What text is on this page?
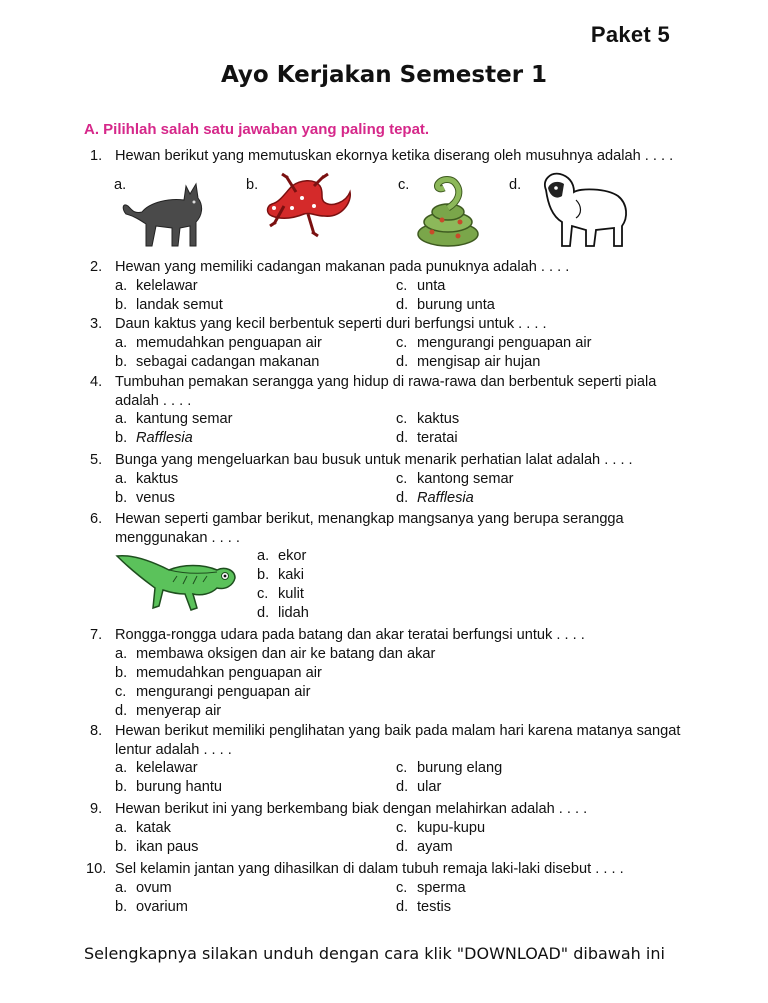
Paket 5
Ayo Kerjakan Semester 1
A. Pilihlah salah satu jawaban yang paling tepat.
1. Hewan berikut yang memutuskan ekornya ketika diserang oleh musuhnya adalah . . . .
a.	b.	c.	d.
2. Hewan yang memiliki cadangan makanan pada punuknya adalah . . . .
a. kelelawar
b. landak semut
c. unta
d. burung unta
3. Daun kaktus yang kecil berbentuk seperti duri berfungsi untuk . . . .
a. memudahkan penguapan air
b. sebagai cadangan makanan
c. mengurangi penguapan air
d. mengisap air hujan
4. Tumbuhan pemakan serangga yang hidup di rawa-rawa dan berbentuk seperti piala
adalah . . . .
a. kantung semar
b. Rafflesia
c. kaktus
d. teratai
5. Bunga yang mengeluarkan bau busuk untuk menarik perhatian lalat adalah . . . .
a. kaktus
b. venus
c. kantong semar
d. Rafflesia
6. Hewan seperti gambar berikut, menangkap mangsanya yang berupa serangga
menggunakan . . . .
a. ekor
b. kaki
c. kulit
d. lidah
7. Rongga-rongga udara pada batang dan akar teratai berfungsi untuk . . . .
a. membawa oksigen dan air ke batang dan akar
b. memudahkan penguapan air
c. mengurangi penguapan air
d. menyerap air
8. Hewan berikut memiliki penglihatan yang baik pada malam hari karena matanya sangat
lentur adalah . . . .
a. kelelawar
b. burung hantu
c. burung elang
d. ular
9. Hewan berikut ini yang berkembang biak dengan melahirkan adalah . . . .
a. katak
b. ikan paus
c. kupu-kupu
d. ayam
10. Sel kelamin jantan yang dihasilkan di dalam tubuh remaja laki-laki disebut . . . .
a. ovum
b. ovarium
c. sperma
d. testis
Selengkapnya silakan unduh dengan cara klik "DOWNLOAD" dibawah ini
